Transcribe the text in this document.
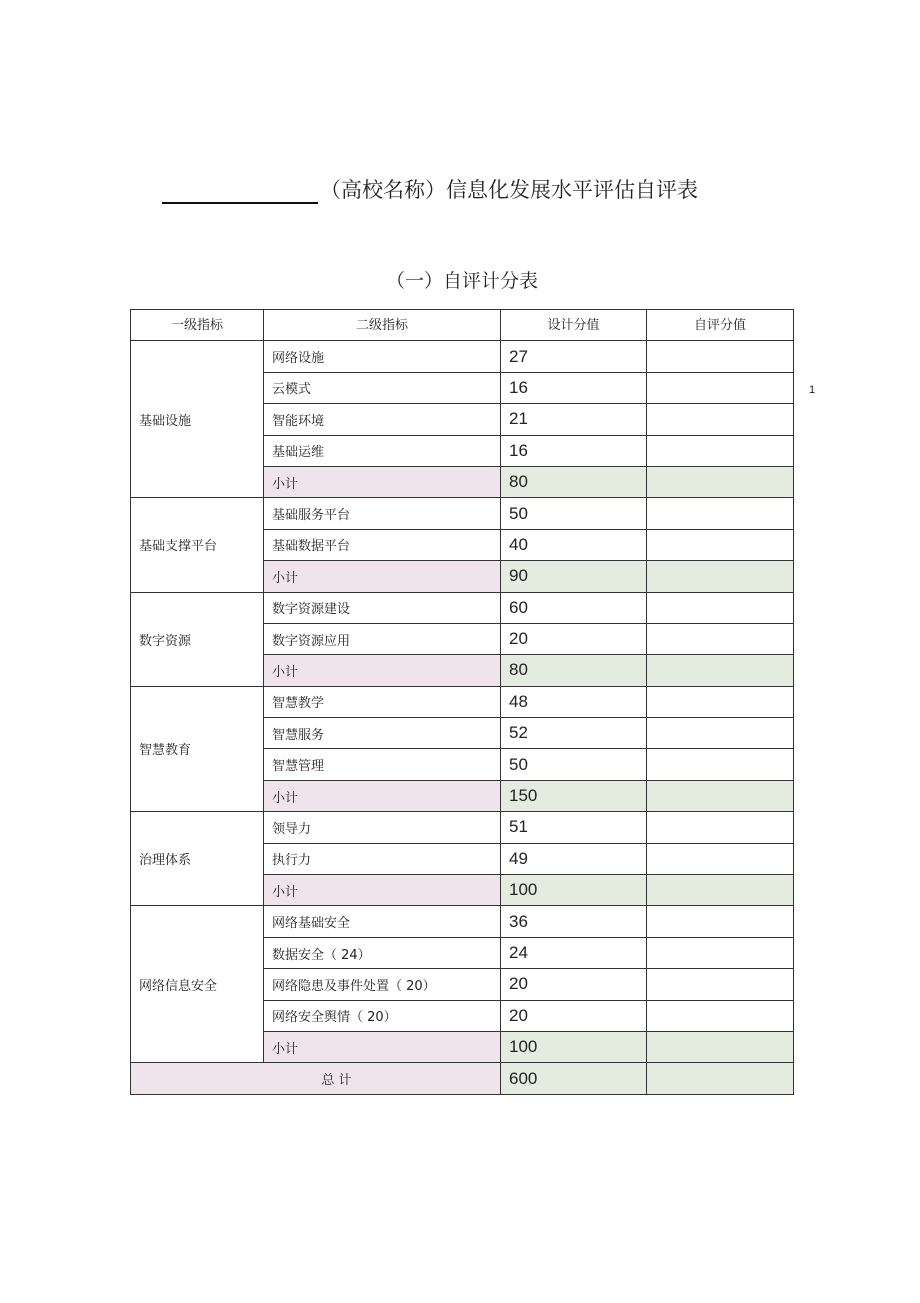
（高校名称）信息化发展水平评估自评表
（一）自评计分表
1
一级指标	二级指标	设计分值	自评分值
基础设施	网络设施	27	
	云模式	16	
	智能环境	21	
	基础运维	16	
	小计	80	
基础支撑平台	基础服务平台	50	
	基础数据平台	40	
	小计	90	
数字资源	数字资源建设	60	
	数字资源应用	20	
	小计	80	
智慧教育	智慧教学	48	
	智慧服务	52	
	智慧管理	50	
	小计	150	
治理体系	领导力	51	
	执行力	49	
	小计	100	
网络信息安全	网络基础安全	36	
	数据安全（ 24）	24	
	网络隐患及事件处置（ 20）	20	
	网络安全舆情（ 20）	20	
	小计	100	
总 计		600	
